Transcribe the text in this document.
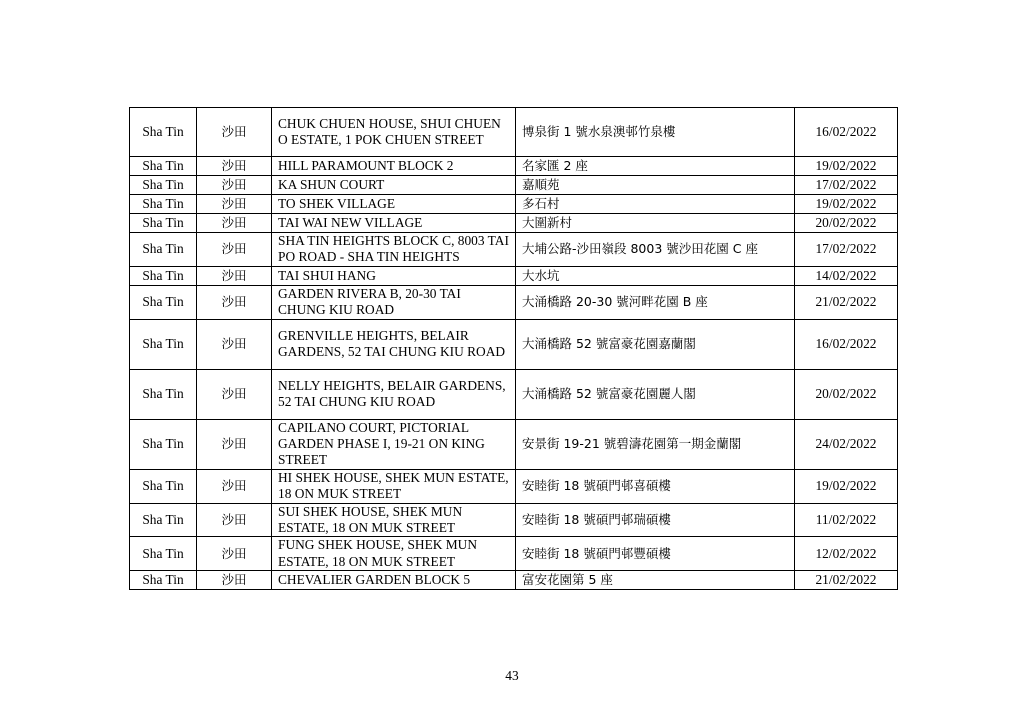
Sha Tin	沙田	CHUK CHUEN HOUSE, SHUI CHUEN O ESTATE, 1 POK CHUEN STREET	博泉街 1 號水泉澳邨竹泉樓	16/02/2022
Sha Tin	沙田	HILL PARAMOUNT BLOCK 2	名家匯 2 座	19/02/2022
Sha Tin	沙田	KA SHUN COURT	嘉順苑	17/02/2022
Sha Tin	沙田	TO SHEK VILLAGE	多石村	19/02/2022
Sha Tin	沙田	TAI WAI NEW VILLAGE	大圍新村	20/02/2022
Sha Tin	沙田	SHA TIN HEIGHTS BLOCK C, 8003 TAI PO ROAD - SHA TIN HEIGHTS	大埔公路-沙田嶺段 8003 號沙田花園 C 座	17/02/2022
Sha Tin	沙田	TAI SHUI HANG	大水坑	14/02/2022
Sha Tin	沙田	GARDEN RIVERA B, 20-30 TAI CHUNG KIU ROAD	大涌橋路 20-30 號河畔花園 B 座	21/02/2022
Sha Tin	沙田	GRENVILLE HEIGHTS, BELAIR GARDENS, 52 TAI CHUNG KIU ROAD	大涌橋路 52 號富豪花園嘉蘭閣	16/02/2022
Sha Tin	沙田	NELLY HEIGHTS, BELAIR GARDENS, 52 TAI CHUNG KIU ROAD	大涌橋路 52 號富豪花園麗人閣	20/02/2022
Sha Tin	沙田	CAPILANO COURT, PICTORIAL GARDEN PHASE I, 19-21 ON KING STREET	安景街 19-21 號碧濤花園第一期金蘭閣	24/02/2022
Sha Tin	沙田	HI SHEK HOUSE, SHEK MUN ESTATE, 18 ON MUK STREET	安睦街 18 號碩門邨喜碩樓	19/02/2022
Sha Tin	沙田	SUI SHEK HOUSE, SHEK MUN ESTATE, 18 ON MUK STREET	安睦街 18 號碩門邨瑞碩樓	11/02/2022
Sha Tin	沙田	FUNG SHEK HOUSE, SHEK MUN ESTATE, 18 ON MUK STREET	安睦街 18 號碩門邨豐碩樓	12/02/2022
Sha Tin	沙田	CHEVALIER GARDEN BLOCK 5	富安花園第 5 座	21/02/2022
43
